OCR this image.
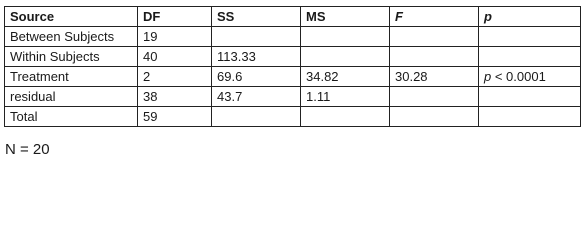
Source	DF	SS	MS	F	p
Between Subjects	19				
Within Subjects	40	113.33			
Treatment	2	69.6	34.82	30.28	p < 0.0001
residual	38	43.7	1.11		
Total	59				
N = 20
